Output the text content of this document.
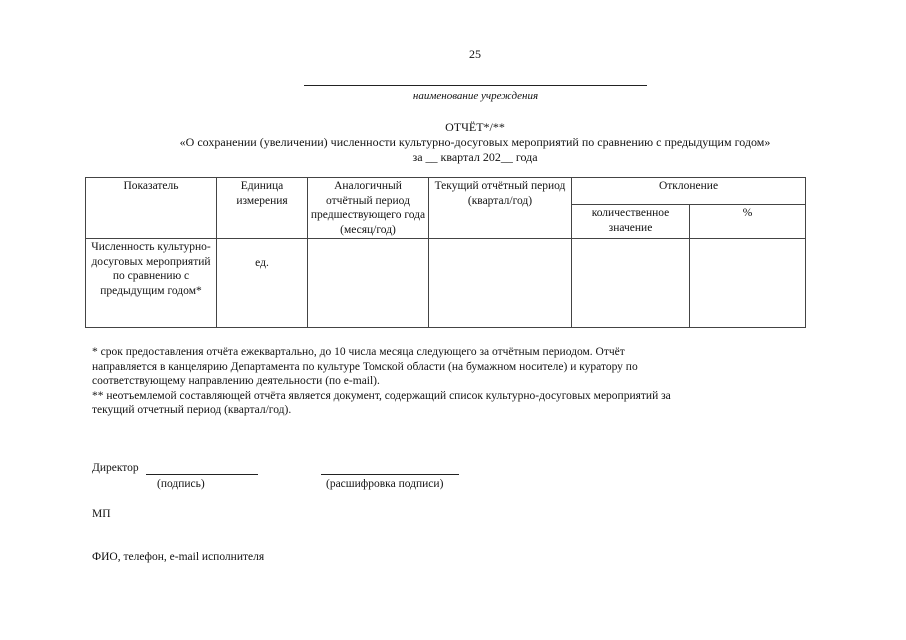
25
наименование учреждения
ОТЧЁТ*/**
«О сохранении (увеличении) численности культурно-досуговых мероприятий по сравнению с предыдущим годом»
за __ квартал 202__ года
Показатель	Единица измерения	Аналогичный отчётный период предшествующего года (месяц/год)	Текущий отчётный период (квартал/год)	Отклонение	
				количественное значение	%
Численность культурно-досуговых мероприятий по сравнению с предыдущим годом*	ед.				
* срок предоставления отчёта ежеквартально, до 10 числа месяца следующего за отчётным периодом. Отчёт
направляется в канцелярию Департамента по культуре Томской области (на бумажном носителе) и куратору по
соответствующему направлению деятельности (по e-mail).
** неотъемлемой составляющей отчёта является документ, содержащий список культурно-досуговых мероприятий за
текущий отчетный период (квартал/год).
Директор
(подпись)	(расшифровка подписи)
МП
ФИО, телефон, e-mail исполнителя
